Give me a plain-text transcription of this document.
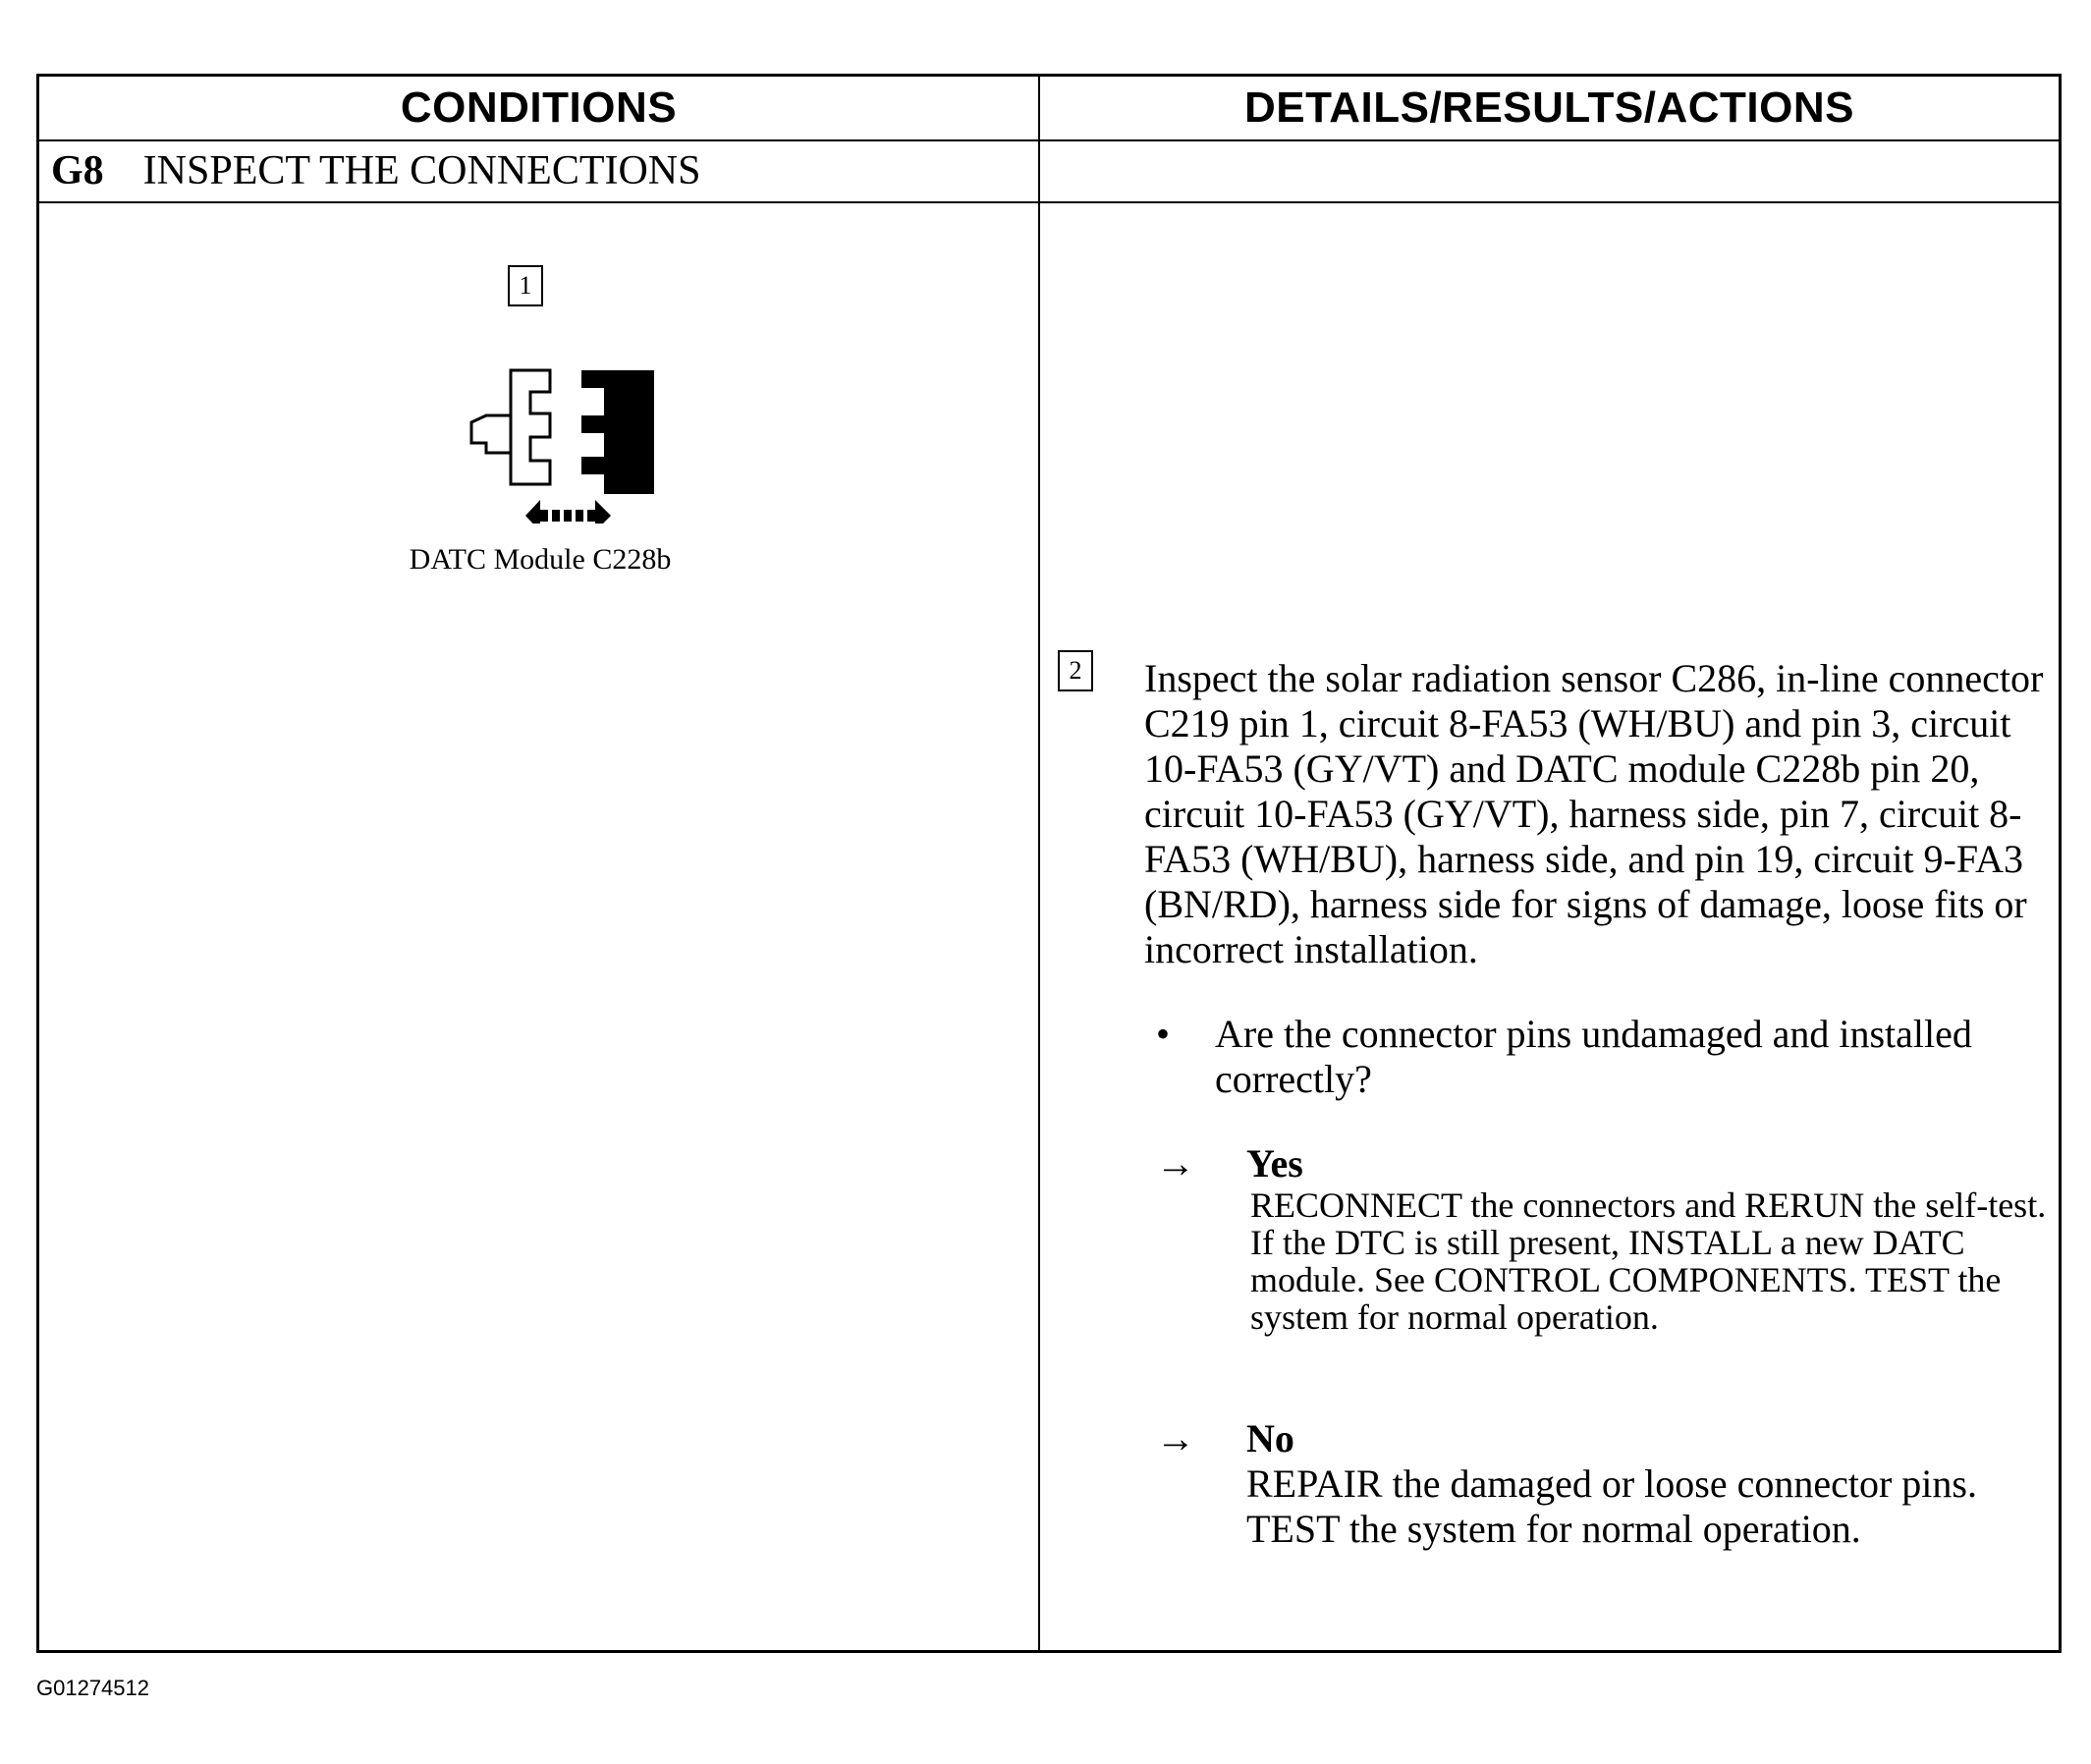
CONDITIONS	DETAILS/RESULTS/ACTIONS
G8 INSPECT THE CONNECTIONS
1
DATC Module C228b
2 Inspect the solar radiation sensor C286, in-line connector C219 pin 1, circuit 8-FA53 (WH/BU) and pin 3, circuit 10-FA53 (GY/VT) and DATC module C228b pin 20, circuit 10-FA53 (GY/VT), harness side, pin 7, circuit 8-FA53 (WH/BU), harness side, and pin 19, circuit 9-FA3 (BN/RD), harness side for signs of damage, loose fits or incorrect installation.

• Are the connector pins undamaged and installed correctly?
→ Yes
RECONNECT the connectors and RERUN the self-test. If the DTC is still present, INSTALL a new DATC module. See CONTROL COMPONENTS. TEST the system for normal operation.
→ No
REPAIR the damaged or loose connector pins. TEST the system for normal operation.
G01274512
